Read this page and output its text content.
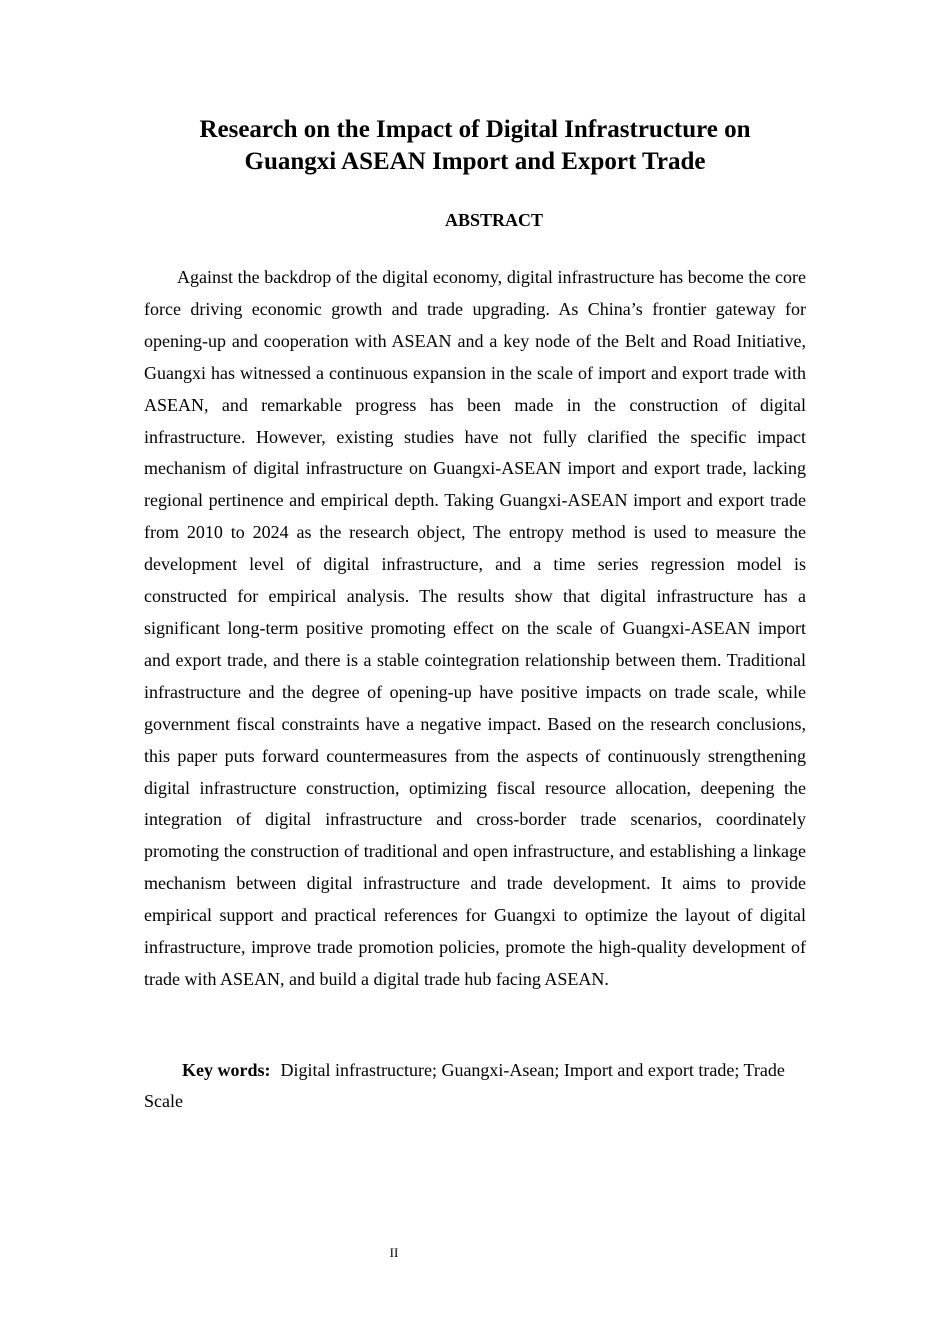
Research on the Impact of Digital Infrastructure on
Guangxi ASEAN Import and Export Trade
ABSTRACT

Against the backdrop of the digital economy, digital infrastructure has become the core force driving economic growth and trade upgrading. As China’s frontier gateway for opening-up and cooperation with ASEAN and a key node of the Belt and Road Initiative, Guangxi has witnessed a continuous expansion in the scale of import and export trade with ASEAN, and remarkable progress has been made in the construction of digital infrastructure. However, existing studies have not fully clarified the specific impact mechanism of digital infrastructure on Guangxi-ASEAN import and export trade, lacking regional pertinence and empirical depth. Taking Guangxi-ASEAN import and export trade from 2010 to 2024 as the research object, The entropy method is used to measure the development level of digital infrastructure, and a time series regression model is constructed for empirical analysis. The results show that digital infrastructure has a significant long-term positive promoting effect on the scale of Guangxi-ASEAN import and export trade, and there is a stable cointegration relationship between them. Traditional infrastructure and the degree of opening-up have positive impacts on trade scale, while government fiscal constraints have a negative impact. Based on the research conclusions, this paper puts forward countermeasures from the aspects of continuously strengthening digital infrastructure construction, optimizing fiscal resource allocation, deepening the integration of digital infrastructure and cross-border trade scenarios, coordinately promoting the construction of traditional and open infrastructure, and establishing a linkage mechanism between digital infrastructure and trade development. It aims to provide empirical support and practical references for Guangxi to optimize the layout of digital infrastructure, improve trade promotion policies, promote the high-quality development of trade with ASEAN, and build a digital trade hub facing ASEAN.

Key words: Digital infrastructure; Guangxi-Asean; Import and export trade; Trade Scale

II
